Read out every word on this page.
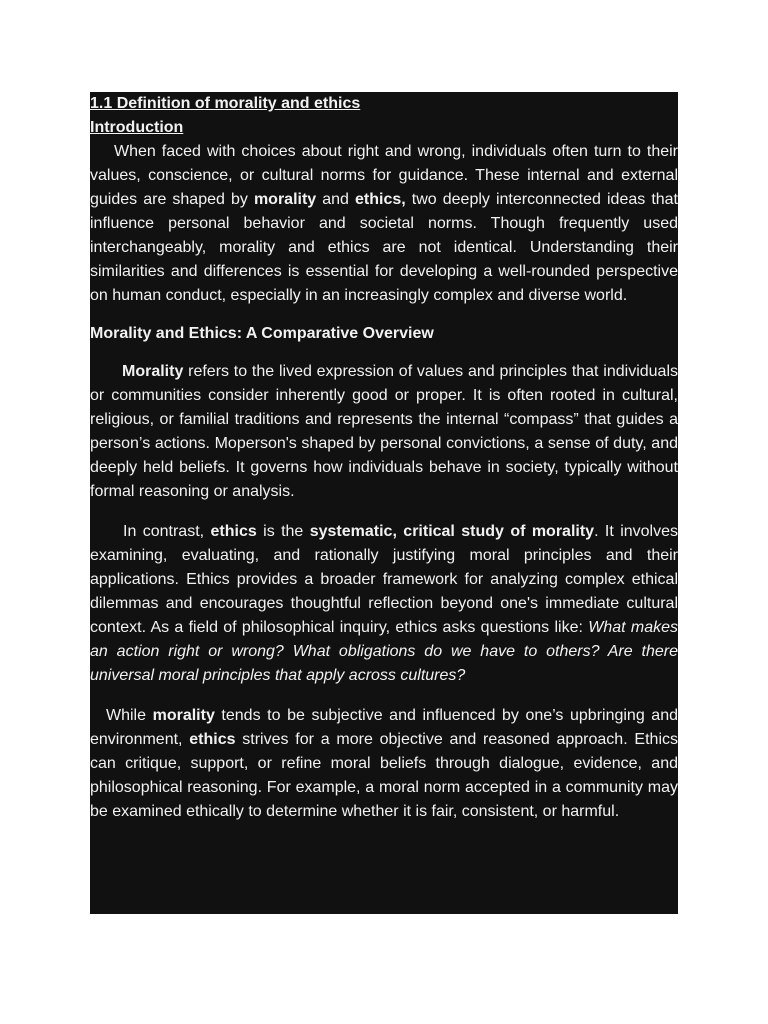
1.1 Definition of morality and ethics

Introduction

When faced with choices about right and wrong, individuals often turn to their values, conscience, or cultural norms for guidance. These internal and external guides are shaped by morality and ethics, two deeply interconnected ideas that influence personal behavior and societal norms. Though frequently used interchangeably, morality and ethics are not identical. Understanding their similarities and differences is essential for developing a well-rounded perspective on human conduct, especially in an increasingly complex and diverse world.

Morality and Ethics: A Comparative Overview

Morality refers to the lived expression of values and principles that individuals or communities consider inherently good or proper. It is often rooted in cultural, religious, or familial traditions and represents the internal “compass” that guides a person’s actions. Moperson's shaped by personal convictions, a sense of duty, and deeply held beliefs. It governs how individuals behave in society, typically without formal reasoning or analysis.

In contrast, ethics is the systematic, critical study of morality. It involves examining, evaluating, and rationally justifying moral principles and their applications. Ethics provides a broader framework for analyzing complex ethical dilemmas and encourages thoughtful reflection beyond one's immediate cultural context. As a field of philosophical inquiry, ethics asks questions like: What makes an action right or wrong? What obligations do we have to others? Are there universal moral principles that apply across cultures?

While morality tends to be subjective and influenced by one’s upbringing and environment, ethics strives for a more objective and reasoned approach. Ethics can critique, support, or refine moral beliefs through dialogue, evidence, and philosophical reasoning. For example, a moral norm accepted in a community may be examined ethically to determine whether it is fair, consistent, or harmful.
